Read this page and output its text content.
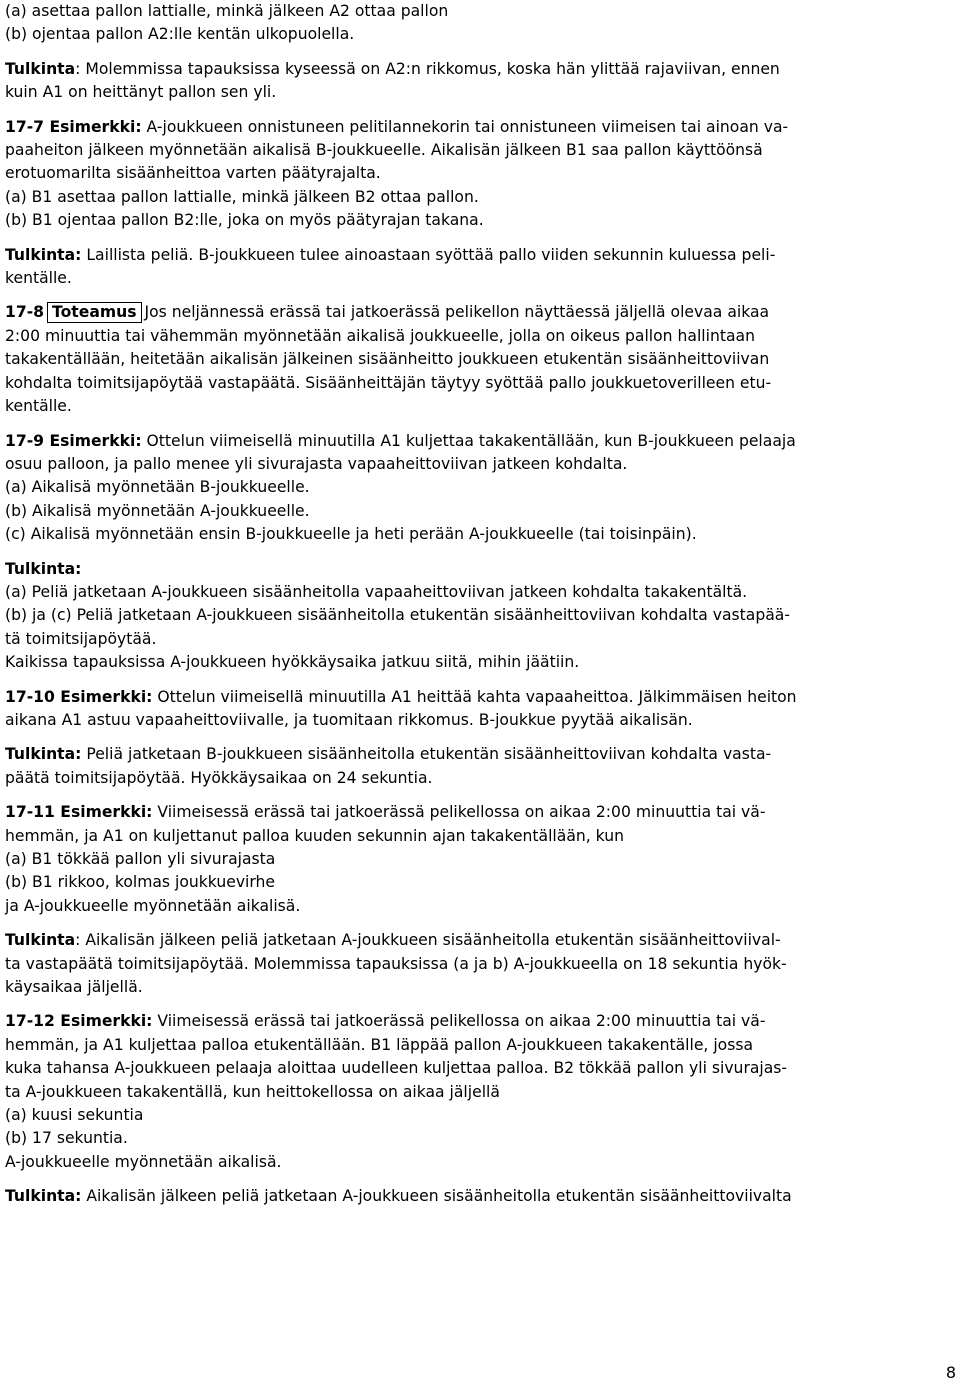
(a) asettaa pallon lattialle, minkä jälkeen A2 ottaa pallon
(b) ojentaa pallon A2:lle kentän ulkopuolella.
Tulkinta: Molemmissa tapauksissa kyseessä on A2:n rikkomus, koska hän ylittää rajaviivan, ennen
kuin A1 on heittänyt pallon sen yli.
17-7 Esimerkki: A-joukkueen onnistuneen pelitilannekorin tai onnistuneen viimeisen tai ainoan va-
paaheiton jälkeen myönnetään aikalisä B-joukkueelle. Aikalisän jälkeen B1 saa pallon käyttöönsä
erotuomarilta sisäänheittoa varten päätyrajalta.
(a) B1 asettaa pallon lattialle, minkä jälkeen B2 ottaa pallon.
(b) B1 ojentaa pallon B2:lle, joka on myös päätyrajan takana.
Tulkinta: Laillista peliä. B-joukkueen tulee ainoastaan syöttää pallo viiden sekunnin kuluessa peli-
kentälle.
17-8 Toteamus Jos neljännessä erässä tai jatkoerässä pelikellon näyttäessä jäljellä olevaa aikaa
2:00 minuuttia tai vähemmän myönnetään aikalisä joukkueelle, jolla on oikeus pallon hallintaan
takakentällään, heitetään aikalisän jälkeinen sisäänheitto joukkueen etukentän sisäänheittoviivan
kohdalta toimitsijapöytää vastapäätä. Sisäänheittäjän täytyy syöttää pallo joukkuetoverilleen etu-
kentälle.
17-9 Esimerkki: Ottelun viimeisellä minuutilla A1 kuljettaa takakentällään, kun B-joukkueen pelaaja
osuu palloon, ja pallo menee yli sivurajasta vapaaheittoviivan jatkeen kohdalta.
(a) Aikalisä myönnetään B-joukkueelle.
(b) Aikalisä myönnetään A-joukkueelle.
(c) Aikalisä myönnetään ensin B-joukkueelle ja heti perään A-joukkueelle (tai toisinpäin).
Tulkinta:
(a) Peliä jatketaan A-joukkueen sisäänheitolla vapaaheittoviivan jatkeen kohdalta takakentältä.
(b) ja (c) Peliä jatketaan A-joukkueen sisäänheitolla etukentän sisäänheittoviivan kohdalta vastapää-
tä toimitsijapöytää.
Kaikissa tapauksissa A-joukkueen hyökkäysaika jatkuu siitä, mihin jäätiin.
17-10 Esimerkki: Ottelun viimeisellä minuutilla A1 heittää kahta vapaaheittoa. Jälkimmäisen heiton
aikana A1 astuu vapaaheittoviivalle, ja tuomitaan rikkomus. B-joukkue pyytää aikalisän.
Tulkinta: Peliä jatketaan B-joukkueen sisäänheitolla etukentän sisäänheittoviivan kohdalta vasta-
päätä toimitsijapöytää. Hyökkäysaikaa on 24 sekuntia.
17-11 Esimerkki: Viimeisessä erässä tai jatkoerässä pelikellossa on aikaa 2:00 minuuttia tai vä-
hemmän, ja A1 on kuljettanut palloa kuuden sekunnin ajan takakentällään, kun
(a) B1 tökkää pallon yli sivurajasta
(b) B1 rikkoo, kolmas joukkuevirhe
ja A-joukkueelle myönnetään aikalisä.
Tulkinta: Aikalisän jälkeen peliä jatketaan A-joukkueen sisäänheitolla etukentän sisäänheittoviival-
ta vastapäätä toimitsijapöytää. Molemmissa tapauksissa (a ja b) A-joukkueella on 18 sekuntia hyök-
käysaikaa jäljellä.
17-12 Esimerkki: Viimeisessä erässä tai jatkoerässä pelikellossa on aikaa 2:00 minuuttia tai vä-
hemmän, ja A1 kuljettaa palloa etukentällään. B1 läppää pallon A-joukkueen takakentälle, jossa
kuka tahansa A-joukkueen pelaaja aloittaa uudelleen kuljettaa palloa. B2 tökkää pallon yli sivurajas-
ta A-joukkueen takakentällä, kun heittokellossa on aikaa jäljellä
(a) kuusi sekuntia
(b) 17 sekuntia.
A-joukkueelle myönnetään aikalisä.
Tulkinta: Aikalisän jälkeen peliä jatketaan A-joukkueen sisäänheitolla etukentän sisäänheittoviivalta
8
